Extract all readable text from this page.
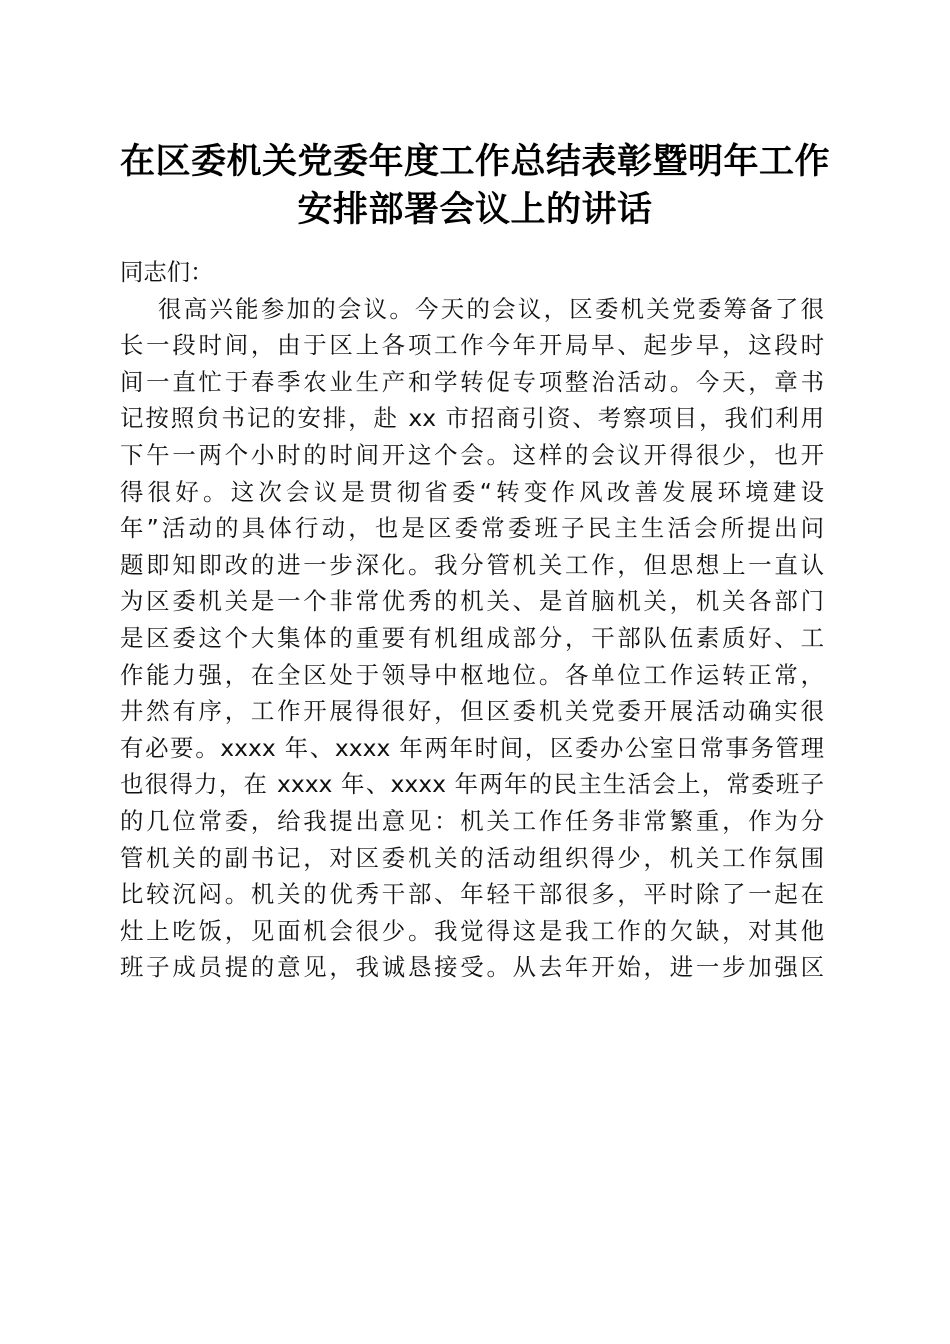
在区委机关党委年度工作总结表彰暨明年工作
安排部署会议上的讲话

同志们：

很高兴能参加的会议。今天的会议，区委机关党委筹备了很
长一段时间，由于区上各项工作今年开局早、起步早，这段时
间一直忙于春季农业生产和学转促专项整治活动。今天，章书
记按照贠书记的安排，赴 xx 市招商引资、考察项目，我们利用
下午一两个小时的时间开这个会。这样的会议开得很少，也开
得很好。这次会议是贯彻省委“转变作风改善发展环境建设
年”活动的具体行动，也是区委常委班子民主生活会所提出问
题即知即改的进一步深化。我分管机关工作，但思想上一直认
为区委机关是一个非常优秀的机关、是首脑机关，机关各部门
是区委这个大集体的重要有机组成部分，干部队伍素质好、工
作能力强，在全区处于领导中枢地位。各单位工作运转正常，
井然有序，工作开展得很好，但区委机关党委开展活动确实很
有必要。xxxx 年、xxxx 年两年时间，区委办公室日常事务管理
也很得力，在 xxxx 年、xxxx 年两年的民主生活会上，常委班子
的几位常委，给我提出意见：机关工作任务非常繁重，作为分
管机关的副书记，对区委机关的活动组织得少，机关工作氛围
比较沉闷。机关的优秀干部、年轻干部很多，平时除了一起在
灶上吃饭，见面机会很少。我觉得这是我工作的欠缺，对其他
班子成员提的意见，我诚恳接受。从去年开始，进一步加强区
